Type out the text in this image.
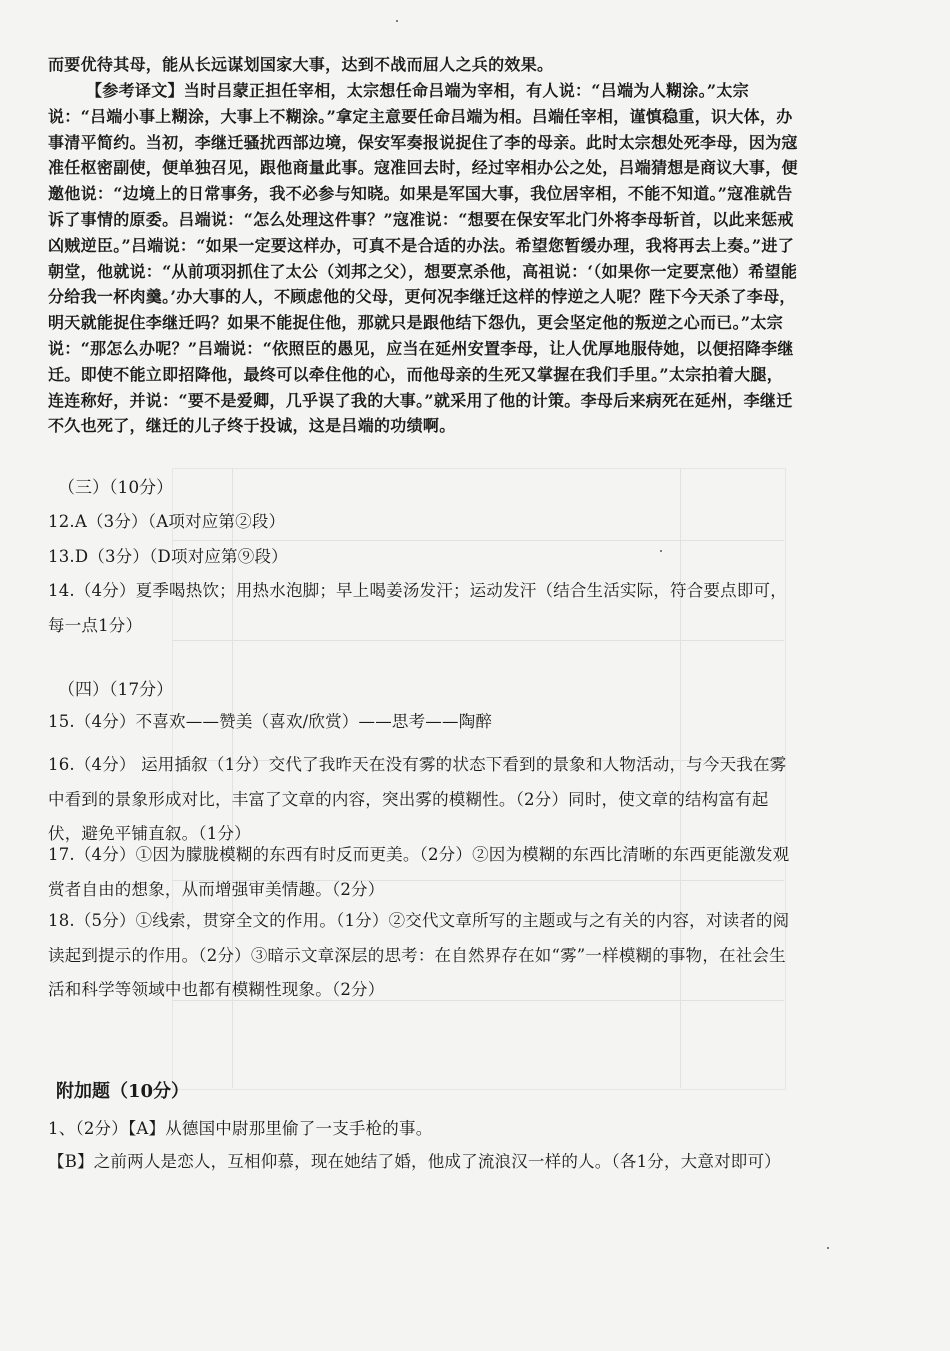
而要优待其母，能从长远谋划国家大事，达到不战而屈人之兵的效果。
【参考译文】当时吕蒙正担任宰相，太宗想任命吕端为宰相，有人说：“吕端为人糊涂。”太宗说：“吕端小事上糊涂，大事上不糊涂。”拿定主意要任命吕端为相。吕端任宰相，谨慎稳重，识大体，办事清平简约。当初，李继迁骚扰西部边境，保安军奏报说捉住了李的母亲。此时太宗想处死李母，因为寇准任枢密副使，便单独召见，跟他商量此事。寇准回去时，经过宰相办公之处，吕端猜想是商议大事，便邀他说：“边境上的日常事务，我不必参与知晓。如果是军国大事，我位居宰相，不能不知道。”寇准就告诉了事情的原委。吕端说：“怎么处理这件事？”寇准说：“想要在保安军北门外将李母斩首，以此来惩戒凶贼逆臣。”吕端说：“如果一定要这样办，可真不是合适的办法。希望您暂缓办理，我将再去上奏。”进了朝堂，他就说：“从前项羽抓住了太公（刘邦之父），想要烹杀他，高祖说：‘（如果你一定要烹他）希望能分给我一杯肉羹。’办大事的人，不顾虑他的父母，更何况李继迁这样的悖逆之人呢？陛下今天杀了李母，明天就能捉住李继迁吗？如果不能捉住他，那就只是跟他结下怨仇，更会坚定他的叛逆之心而已。”太宗说：“那怎么办呢？”吕端说：“依照臣的愚见，应当在延州安置李母，让人优厚地服侍她，以便招降李继迁。即使不能立即招降他，最终可以牵住他的心，而他母亲的生死又掌握在我们手里。”太宗拍着大腿，连连称好，并说：“要不是爱卿，几乎误了我的大事。”就采用了他的计策。李母后来病死在延州，李继迁不久也死了，继迁的儿子终于投诚，这是吕端的功绩啊。
（三）（10分）
12.A（3分）（A项对应第②段）
13.D（3分）（D项对应第⑨段）
14.（4分）夏季喝热饮；用热水泡脚；早上喝姜汤发汗；运动发汗（结合生活实际，符合要点即可，每一点1分）
（四）（17分）
15.（4分）不喜欢——赞美（喜欢/欣赏）——思考——陶醉
16.（4分） 运用插叙（1分）交代了我昨天在没有雾的状态下看到的景象和人物活动，与今天我在雾中看到的景象形成对比，丰富了文章的内容，突出雾的模糊性。（2分）同时，使文章的结构富有起伏，避免平铺直叙。（1分）
17.（4分）①因为朦胧模糊的东西有时反而更美。（2分）②因为模糊的东西比清晰的东西更能激发观赏者自由的想象，从而增强审美情趣。（2分）
18.（5分）①线索，贯穿全文的作用。（1分）②交代文章所写的主题或与之有关的内容，对读者的阅读起到提示的作用。（2分）③暗示文章深层的思考：在自然界存在如“雾”一样模糊的事物，在社会生活和科学等领域中也都有模糊性现象。（2分）
附加题（10分）
1、（2分）【A】从德国中尉那里偷了一支手枪的事。
【B】之前两人是恋人，互相仰慕，现在她结了婚，他成了流浪汉一样的人。（各1分，大意对即可）
